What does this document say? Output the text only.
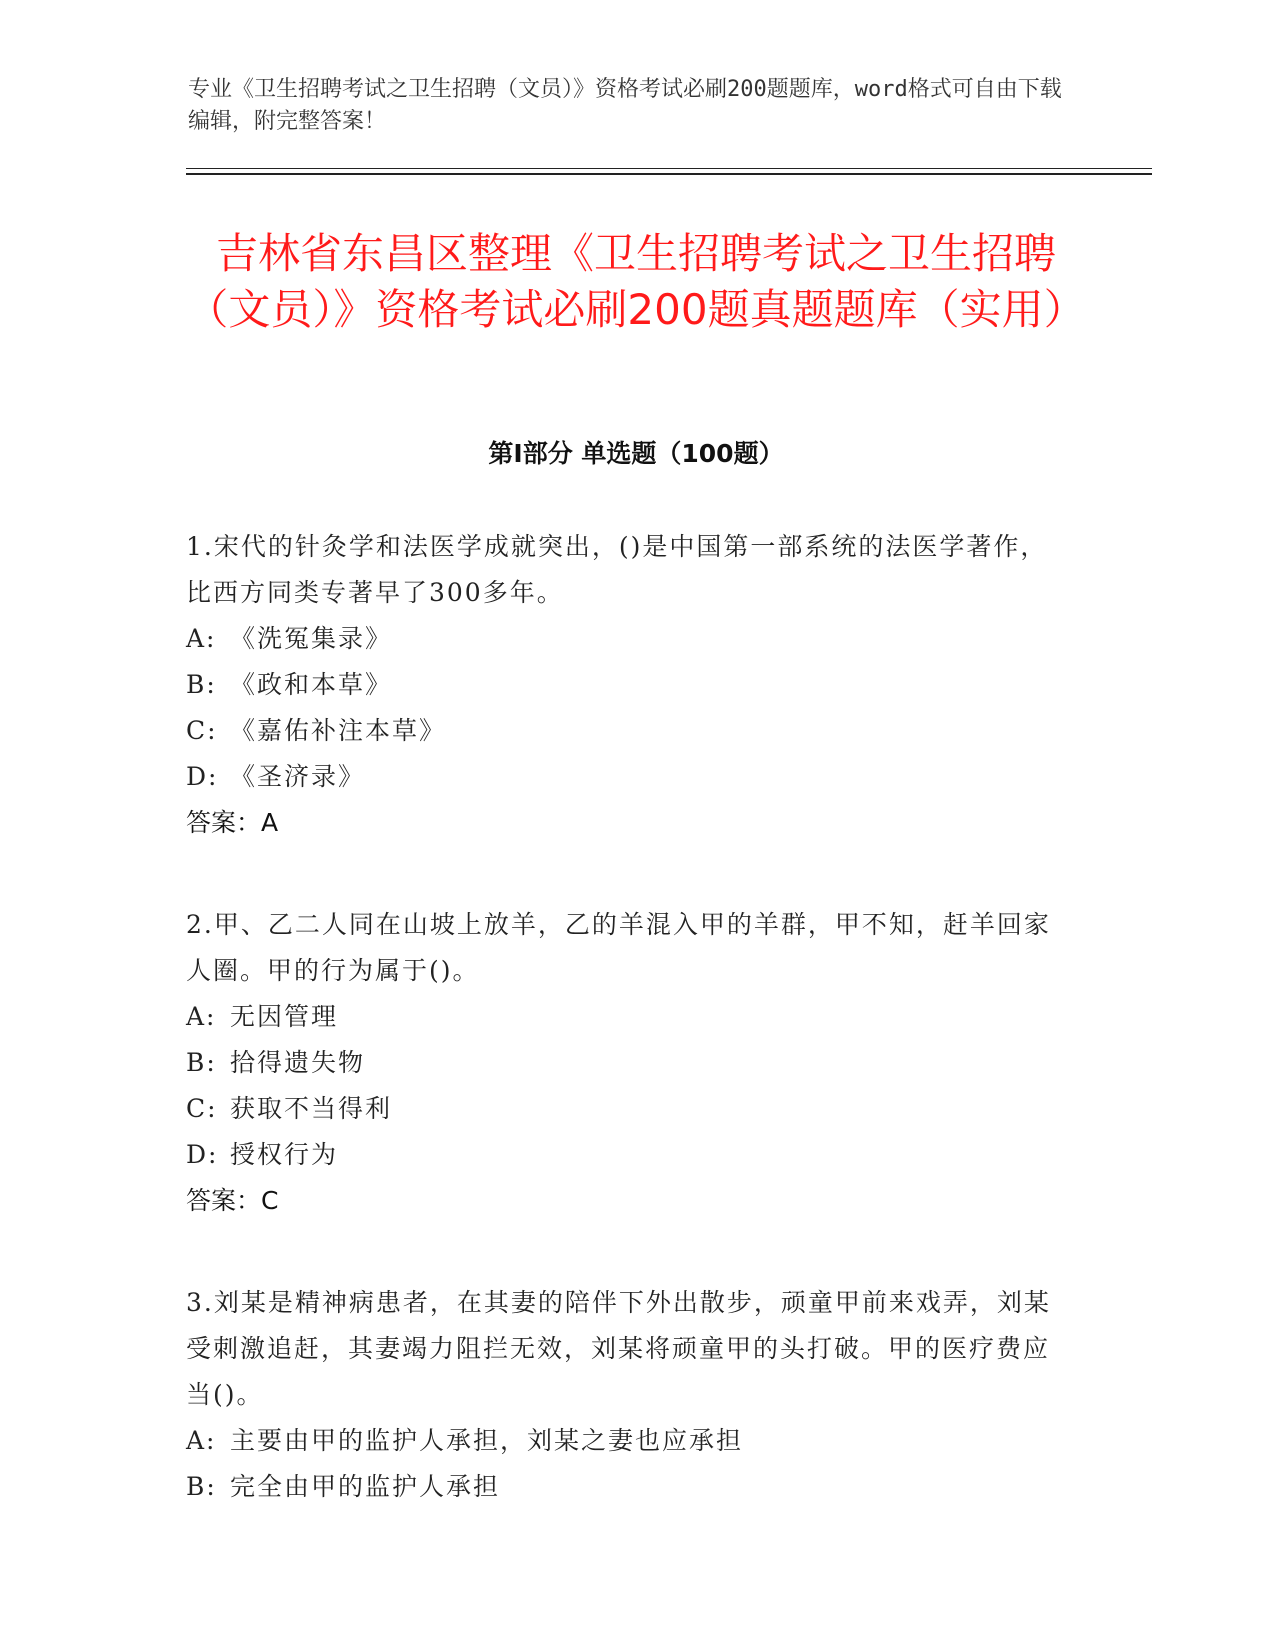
专业《卫生招聘考试之卫生招聘（文员）》资格考试必刷200题题库，word格式可自由下载编辑，附完整答案！
吉林省东昌区整理《卫生招聘考试之卫生招聘（文员）》资格考试必刷200题真题题库（实用）
第Ⅰ部分 单选题（100题）

1.宋代的针灸学和法医学成就突出，()是中国第一部系统的法医学著作，比西方同类专著早了300多年。

A: 《洗冤集录》
B: 《政和本草》
C: 《嘉佑补注本草》
D: 《圣济录》
答案：A

2.甲、乙二人同在山坡上放羊，乙的羊混入甲的羊群，甲不知，赶羊回家人圈。甲的行为属于()。

A: 无因管理
B: 拾得遗失物
C: 获取不当得利
D: 授权行为
答案：C

3.刘某是精神病患者，在其妻的陪伴下外出散步，顽童甲前来戏弄，刘某受刺激追赶，其妻竭力阻拦无效，刘某将顽童甲的头打破。甲的医疗费应当()。

A: 主要由甲的监护人承担，刘某之妻也应承担
B: 完全由甲的监护人承担
